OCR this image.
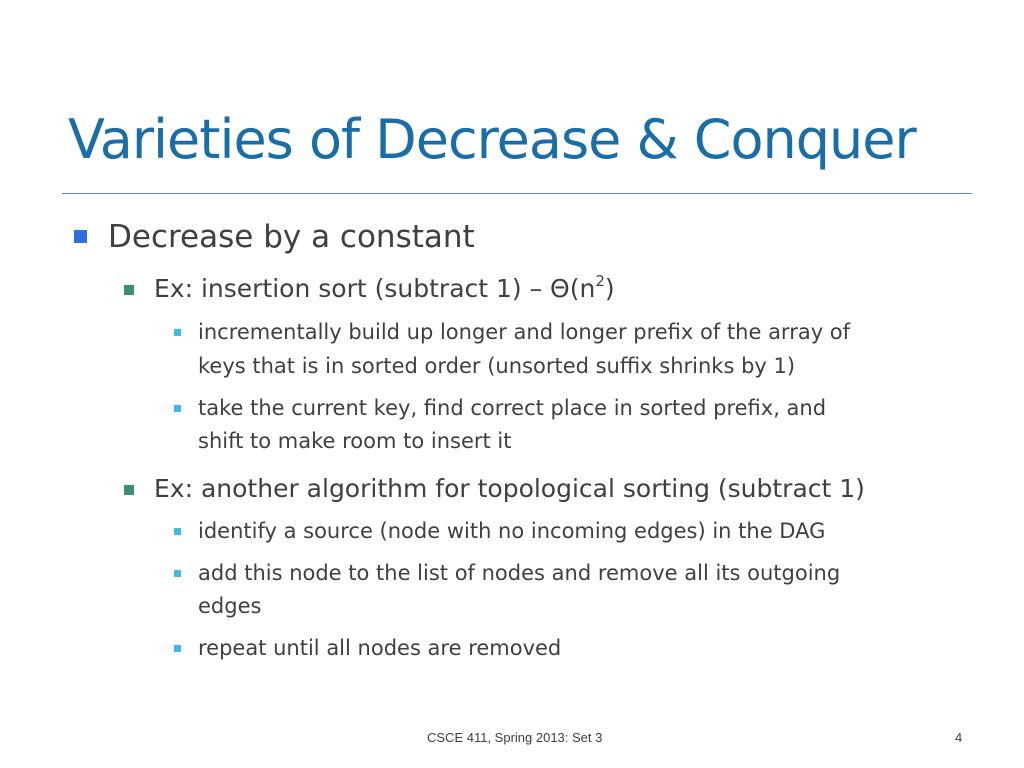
Varieties of Decrease & Conquer
Decrease by a constant
Ex: insertion sort (subtract $1) - \Theta(n^2)$
incrementally build up longer and longer prefix of the array of
keys that is in sorted order (unsorted suffix shrinks by 1)
take the current key, find correct place in sorted prefix, and
shift to make room to insert it
Ex: another algorithm for topological sorting (subtract 1)
identify a source (node with no incoming edges) in the DAG
add this node to the list of nodes and remove all its outgoing
edges
repeat until all nodes are removed
CSCE 411, Spring 2013: Set 3	4
